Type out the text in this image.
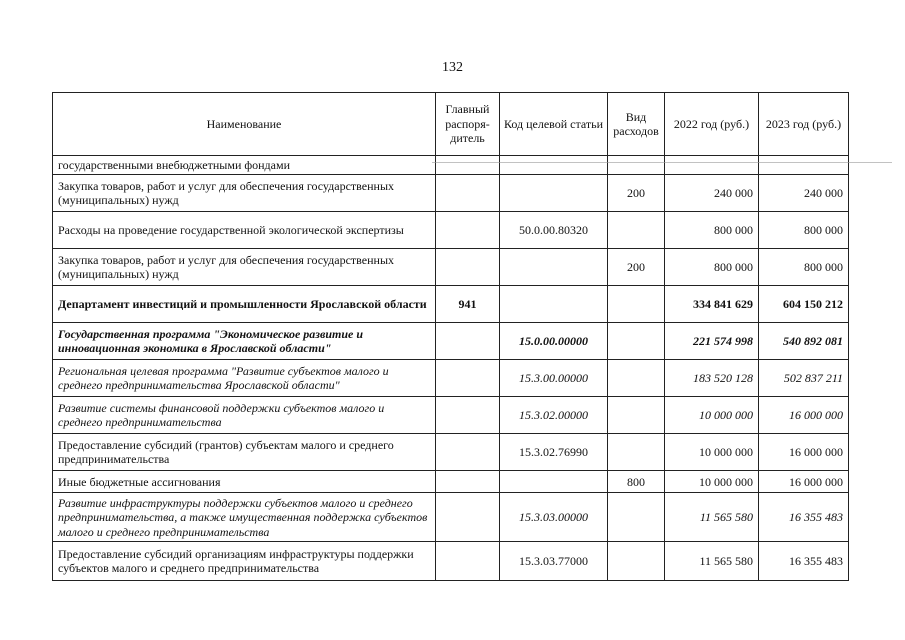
132
Наименование	Главный распоря-дитель	Код целевой статьи	Вид расходов	2022 год (руб.)	2023 год (руб.)
государственными внебюджетными фондами					
Закупка товаров, работ и услуг для обеспечения государственных (муниципальных) нужд			200	240 000	240 000
Расходы на проведение государственной экологической экспертизы		50.0.00.80320		800 000	800 000
Закупка товаров, работ и услуг для обеспечения государственных (муниципальных) нужд			200	800 000	800 000
Департамент инвестиций и промышленности Ярославской области	941			334 841 629	604 150 212
Государственная программа "Экономическое развитие и инновационная экономика в Ярославской области"		15.0.00.00000		221 574 998	540 892 081
Региональная целевая программа "Развитие субъектов малого и среднего предпринимательства Ярославской области"		15.3.00.00000		183 520 128	502 837 211
Развитие системы финансовой поддержки субъектов малого и среднего предпринимательства		15.3.02.00000		10 000 000	16 000 000
Предоставление субсидий (грантов) субъектам малого и среднего предпринимательства		15.3.02.76990		10 000 000	16 000 000
Иные бюджетные ассигнования			800	10 000 000	16 000 000
Развитие инфраструктуры поддержки субъектов малого и среднего предпринимательства, а также имущественная поддержка субъектов малого и среднего предпринимательства		15.3.03.00000		11 565 580	16 355 483
Предоставление субсидий организациям инфраструктуры поддержки субъектов малого и среднего предпринимательства		15.3.03.77000		11 565 580	16 355 483
